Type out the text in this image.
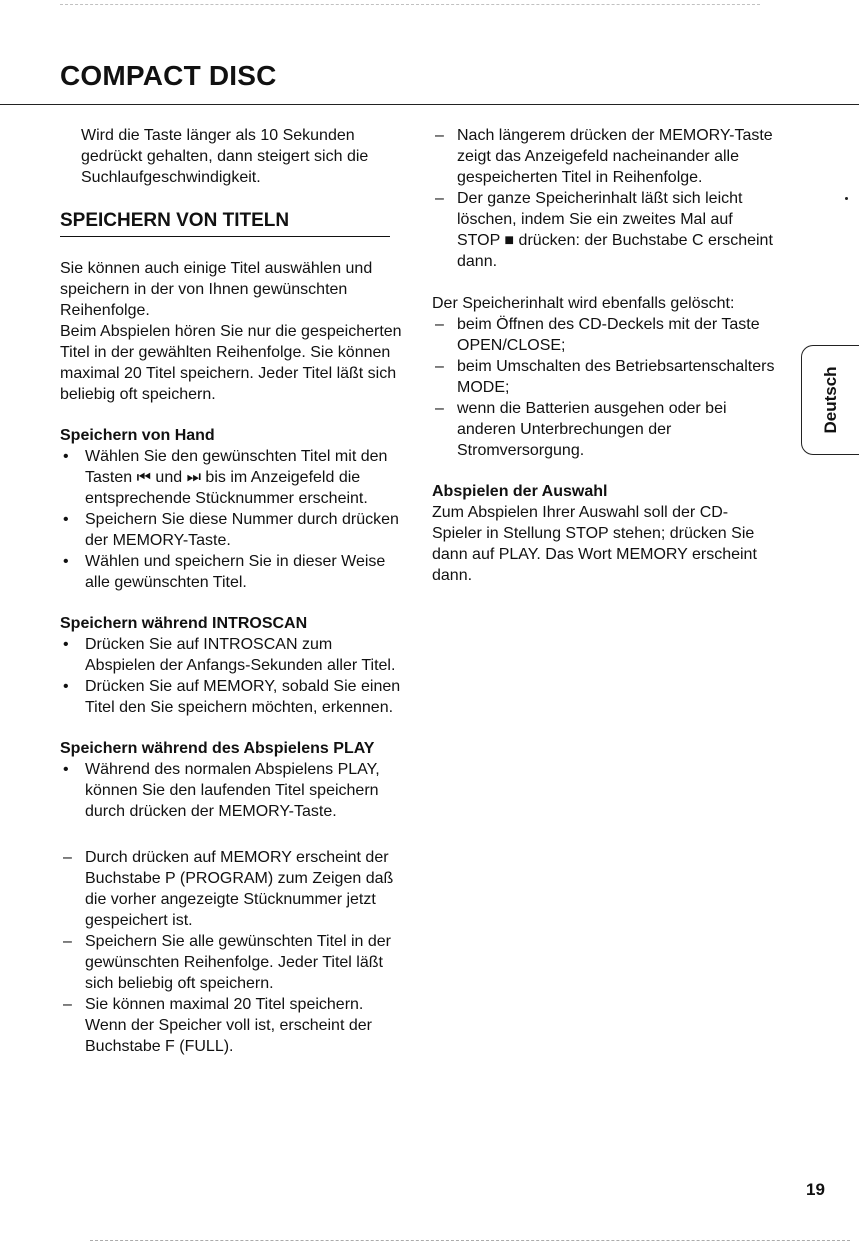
COMPACT DISC

Wird die Taste länger als 10 Sekunden gedrückt gehalten, dann steigert sich die Suchlaufgeschwindigkeit.

SPEICHERN VON TITELN

Sie können auch einige Titel auswählen und speichern in der von Ihnen gewünschten Reihenfolge.

Beim Abspielen hören Sie nur die gespeicherten Titel in der gewählten Reihenfolge. Sie können maximal 20 Titel speichern. Jeder Titel läßt sich beliebig oft speichern.

Speichern von Hand

• Wählen Sie den gewünschten Titel mit den Tasten ⏮ und ⏭ bis im Anzeigefeld die entsprechende Stücknummer erscheint.
• Speichern Sie diese Nummer durch drücken der MEMORY-Taste.
• Wählen und speichern Sie in dieser Weise alle gewünschten Titel.

Speichern während INTROSCAN

• Drücken Sie auf INTROSCAN zum Abspielen der Anfangs-Sekunden aller Titel.
• Drücken Sie auf MEMORY, sobald Sie einen Titel den Sie speichern möchten, erkennen.

Speichern während des Abspielens PLAY

• Während des normalen Abspielens PLAY, können Sie den laufenden Titel speichern durch drücken der MEMORY-Taste.
– Durch drücken auf MEMORY erscheint der Buchstabe P (PROGRAM) zum Zeigen daß die vorher angezeigte Stücknummer jetzt gespeichert ist.
– Speichern Sie alle gewünschten Titel in der gewünschten Reihenfolge. Jeder Titel läßt sich beliebig oft speichern.
– Sie können maximal 20 Titel speichern. Wenn der Speicher voll ist, erscheint der Buchstabe F (FULL).
– Nach längerem drücken der MEMORY-Taste zeigt das Anzeigefeld nacheinander alle gespeicherten Titel in Reihenfolge.
– Der ganze Speicherinhalt läßt sich leicht löschen, indem Sie ein zweites Mal auf STOP ■ drücken: der Buchstabe C erscheint dann.

Der Speicherinhalt wird ebenfalls gelöscht:

– beim Öffnen des CD-Deckels mit der Taste OPEN/CLOSE;
– beim Umschalten des Betriebsartenschalters MODE;
– wenn die Batterien ausgehen oder bei anderen Unterbrechungen der Stromversorgung.

Abspielen der Auswahl

Zum Abspielen Ihrer Auswahl soll der CD-Spieler in Stellung STOP stehen; drücken Sie dann auf PLAY. Das Wort MEMORY erscheint dann.

Deutsch
19
